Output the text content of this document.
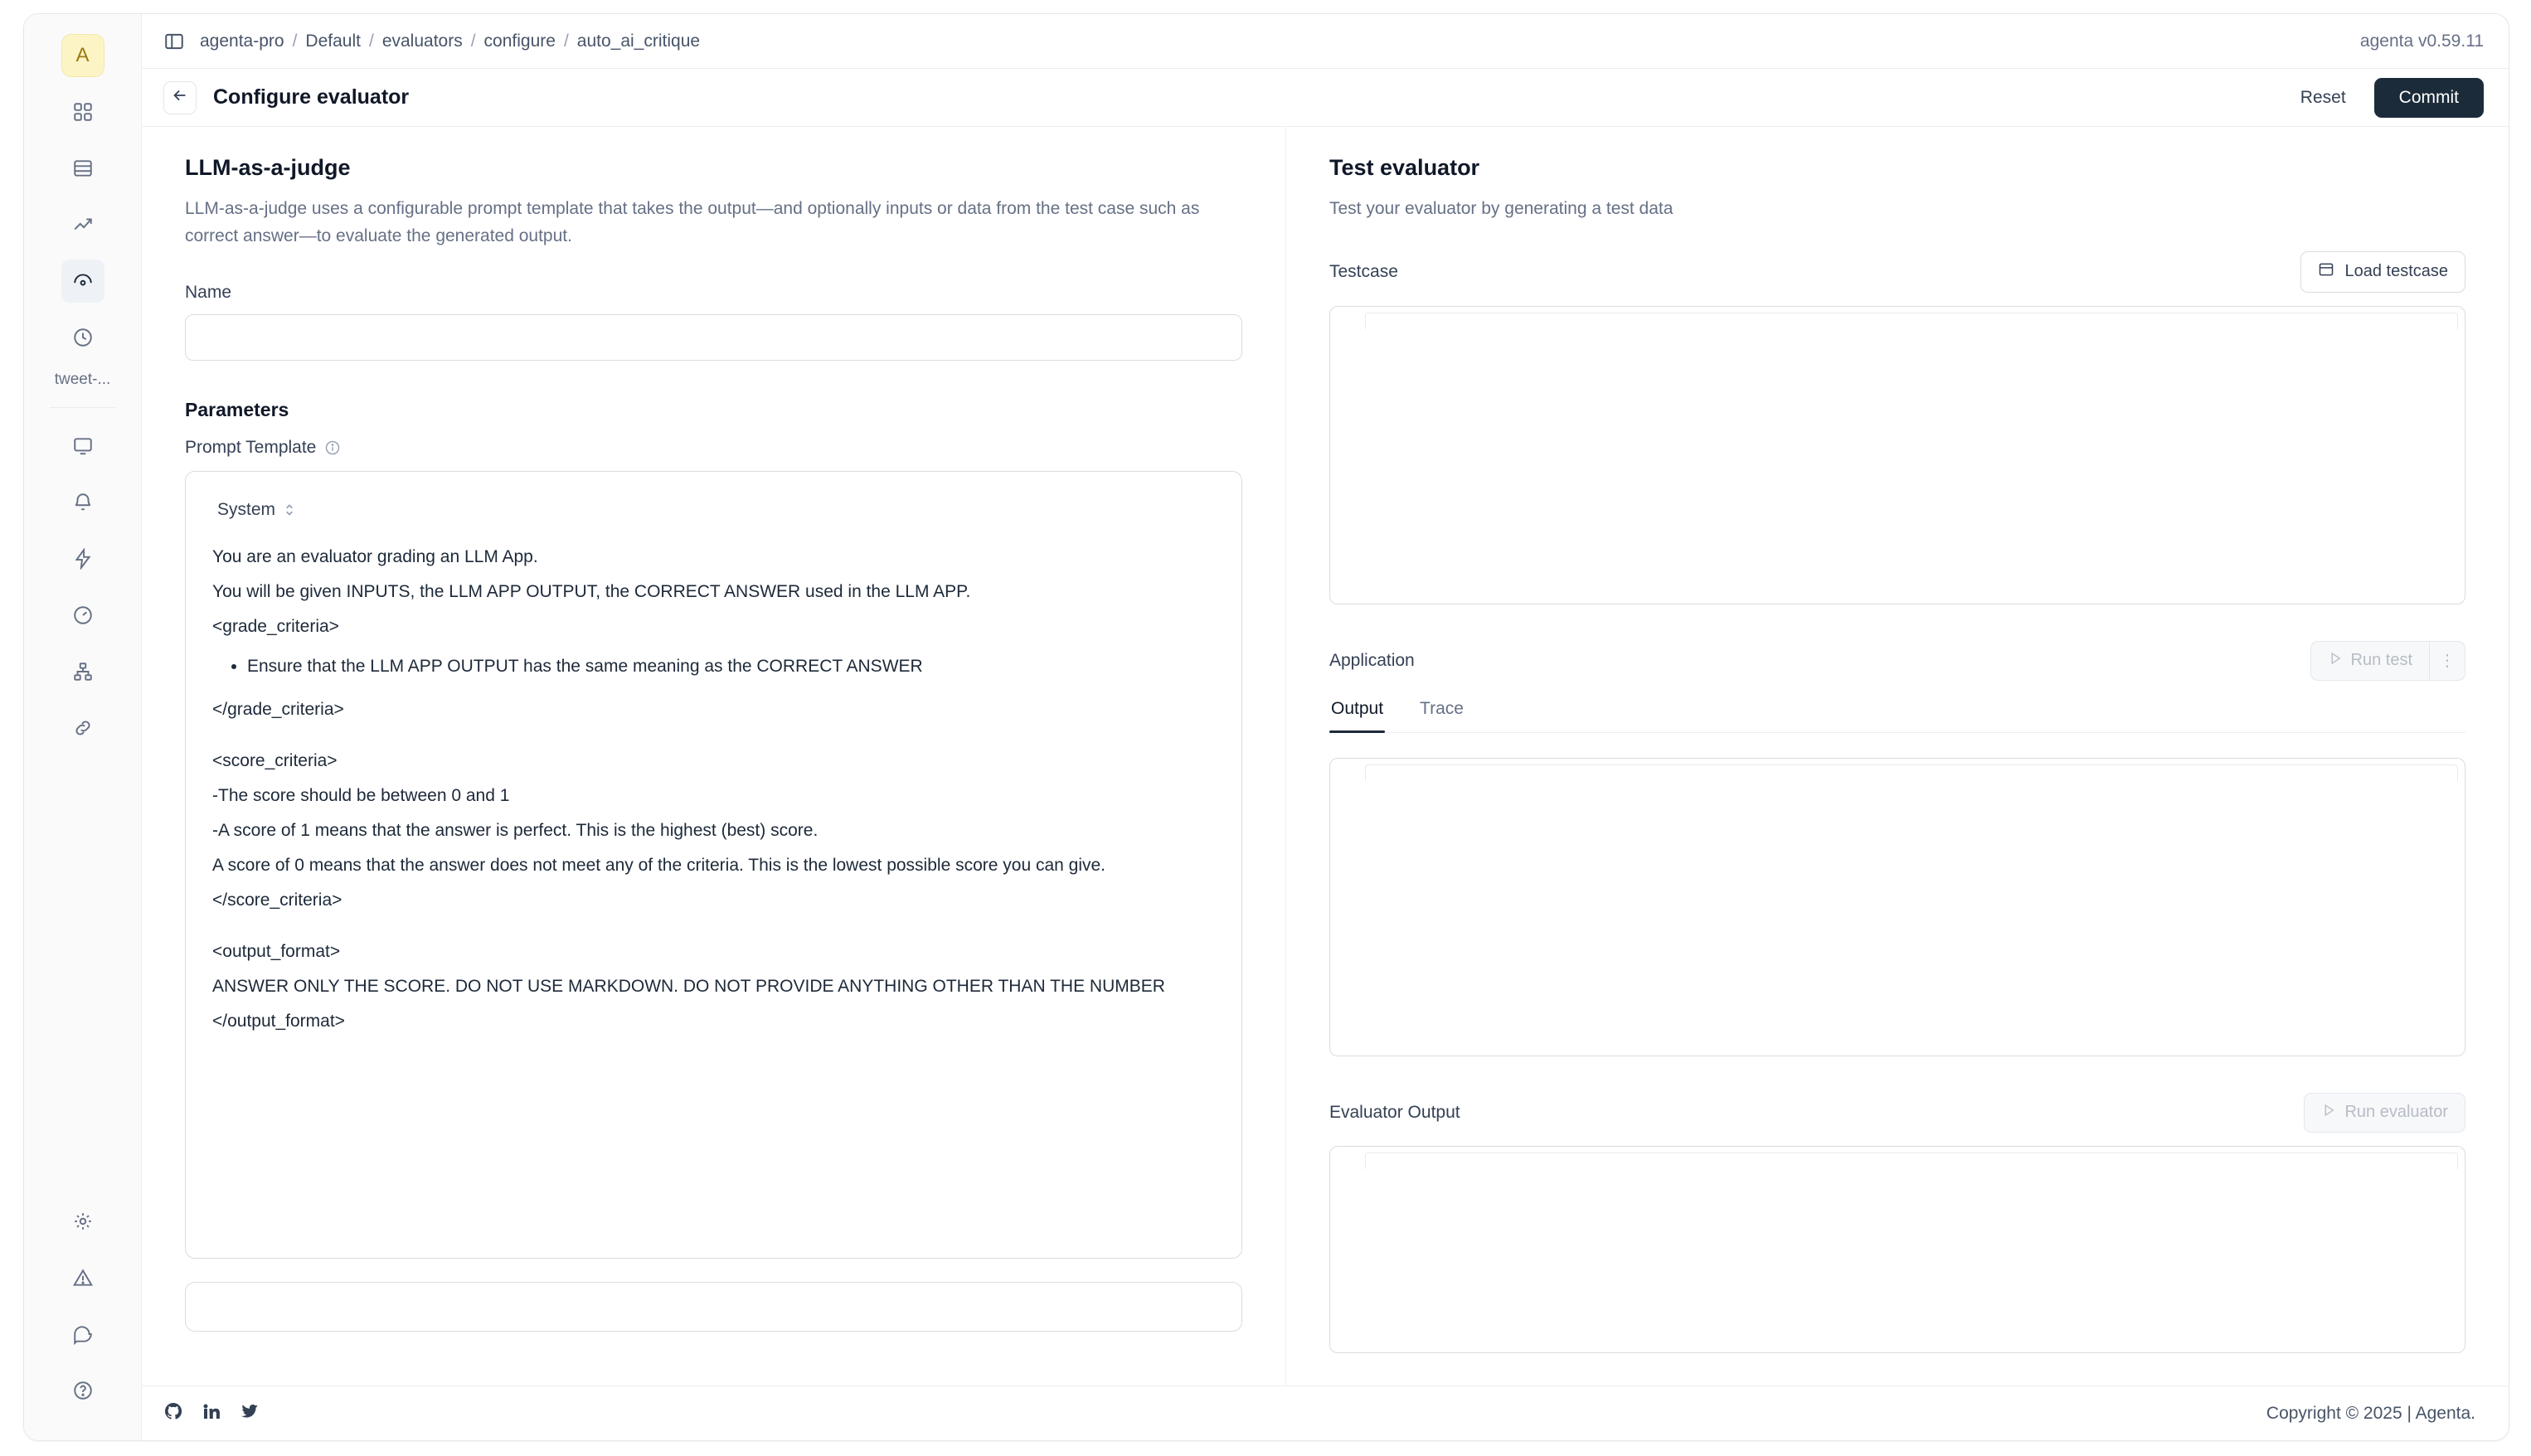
A
tweet-...
agenta-pro / Default / evaluators / configure / auto_ai_critique	agenta v0.59.11
Configure evaluator	Reset	Commit
LLM-as-a-judge
LLM-as-a-judge uses a configurable prompt template that takes the output—and optionally inputs or data from the test case such as correct answer—to evaluate the generated output.
Name
Parameters
Prompt Template
System

You are an evaluator grading an LLM App.

You will be given INPUTS, the LLM APP OUTPUT, the CORRECT ANSWER used in the LLM APP.

<grade_criteria>

• Ensure that the LLM APP OUTPUT has the same meaning as the CORRECT ANSWER

</grade_criteria>

<score_criteria>

-The score should be between 0 and 1

-A score of 1 means that the answer is perfect. This is the highest (best) score.

A score of 0 means that the answer does not meet any of the criteria. This is the lowest possible score you can give.

</score_criteria>

<output_format>

ANSWER ONLY THE SCORE. DO NOT USE MARKDOWN. DO NOT PROVIDE ANYTHING OTHER THAN THE NUMBER

</output_format>

Test evaluator
Test your evaluator by generating a test data
Testcase	Load testcase
Application	Run test	⋮
Output Trace
Evaluator Output	Run evaluator
Copyright © 2025 | Agenta.
